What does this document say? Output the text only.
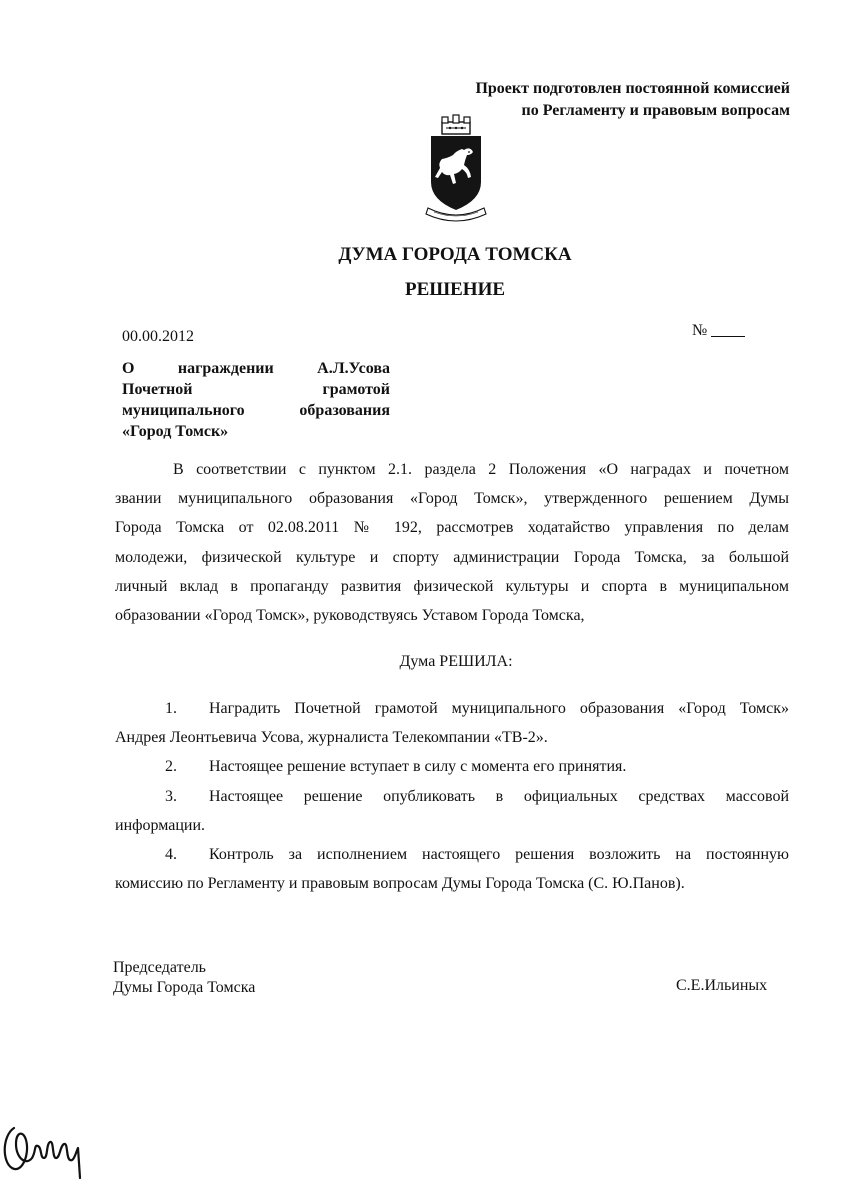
Проект подготовлен постоянной комиссией
по Регламенту и правовым вопросам
ДУМА ГОРОДА ТОМСКА
РЕШЕНИЕ
00.00.2012	№
О	награждении	А.Л.Усова
Почетной грамотой
муниципального образования
«Город Томск»
В соответствии с пунктом 2.1. раздела 2 Положения «О наградах и почетном
звании муниципального образования «Город Томск», утвержденного решением Думы
Города Томска от 02.08.2011 № 192, рассмотрев ходатайство управления по делам
молодежи, физической культуре и спорту администрации Города Томска, за большой
личный вклад в пропаганду развития физической культуры и спорта в муниципальном
образовании «Город Томск», руководствуясь Уставом Города Томска,
Дума РЕШИЛА:
1. Наградить Почетной грамотой муниципального образования «Город Томск»
Андрея Леонтьевича Усова, журналиста Телекомпании «ТВ-2».
2. Настоящее решение вступает в силу с момента его принятия.
3. Настоящее решение опубликовать в официальных средствах массовой
информации.
4. Контроль за исполнением настоящего решения возложить на постоянную
комиссию по Регламенту и правовым вопросам Думы Города Томска (С. Ю.Панов).
Председатель
Думы Города Томска	С.Е.Ильиных
